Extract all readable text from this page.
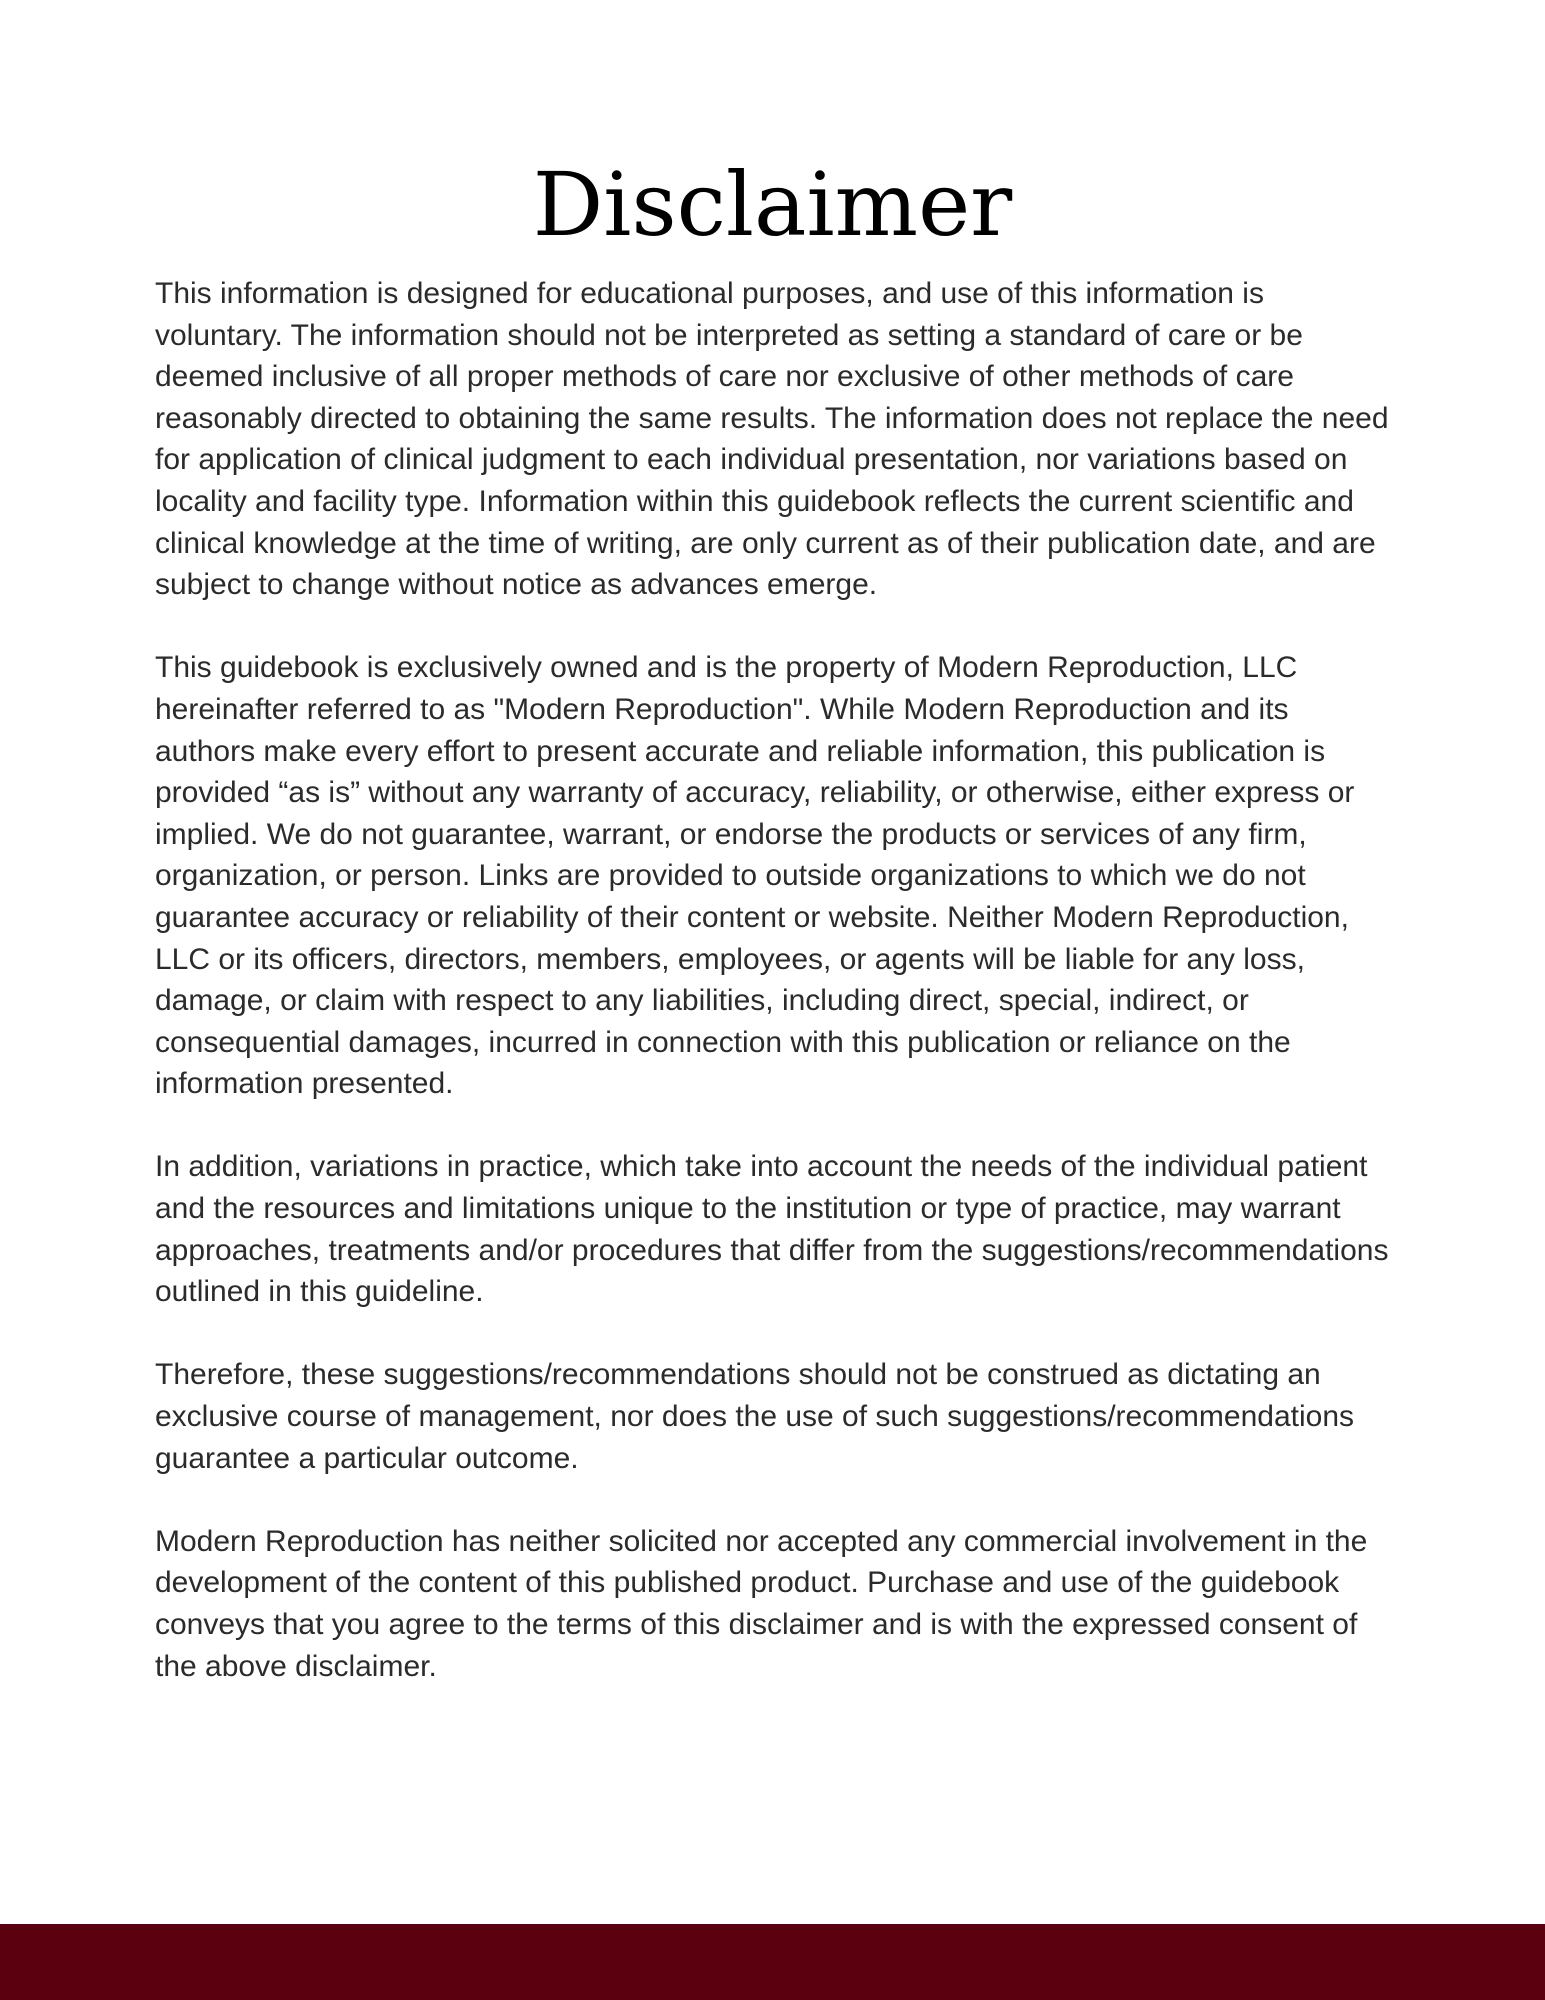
Disclaimer

This information is designed for educational purposes, and use of this information is voluntary. The information should not be interpreted as setting a standard of care or be deemed inclusive of all proper methods of care nor exclusive of other methods of care reasonably directed to obtaining the same results. The information does not replace the need for application of clinical judgment to each individual presentation, nor variations based on locality and facility type. Information within this guidebook reflects the current scientific and clinical knowledge at the time of writing, are only current as of their publication date, and are subject to change without notice as advances emerge.

This guidebook is exclusively owned and is the property of Modern Reproduction, LLC hereinafter referred to as "Modern Reproduction". While Modern Reproduction and its authors make every effort to present accurate and reliable information, this publication is provided “as is” without any warranty of accuracy, reliability, or otherwise, either express or implied. We do not guarantee, warrant, or endorse the products or services of any firm, organization, or person. Links are provided to outside organizations to which we do not guarantee accuracy or reliability of their content or website. Neither Modern Reproduction, LLC or its officers, directors, members, employees, or agents will be liable for any loss, damage, or claim with respect to any liabilities, including direct, special, indirect, or consequential damages, incurred in connection with this publication or reliance on the information presented.

In addition, variations in practice, which take into account the needs of the individual patient and the resources and limitations unique to the institution or type of practice, may warrant approaches, treatments and/or procedures that differ from the suggestions/recommendations outlined in this guideline.

Therefore, these suggestions/recommendations should not be construed as dictating an exclusive course of management, nor does the use of such suggestions/recommendations guarantee a particular outcome.

Modern Reproduction has neither solicited nor accepted any commercial involvement in the development of the content of this published product. Purchase and use of the guidebook conveys that you agree to the terms of this disclaimer and is with the expressed consent of the above disclaimer.
